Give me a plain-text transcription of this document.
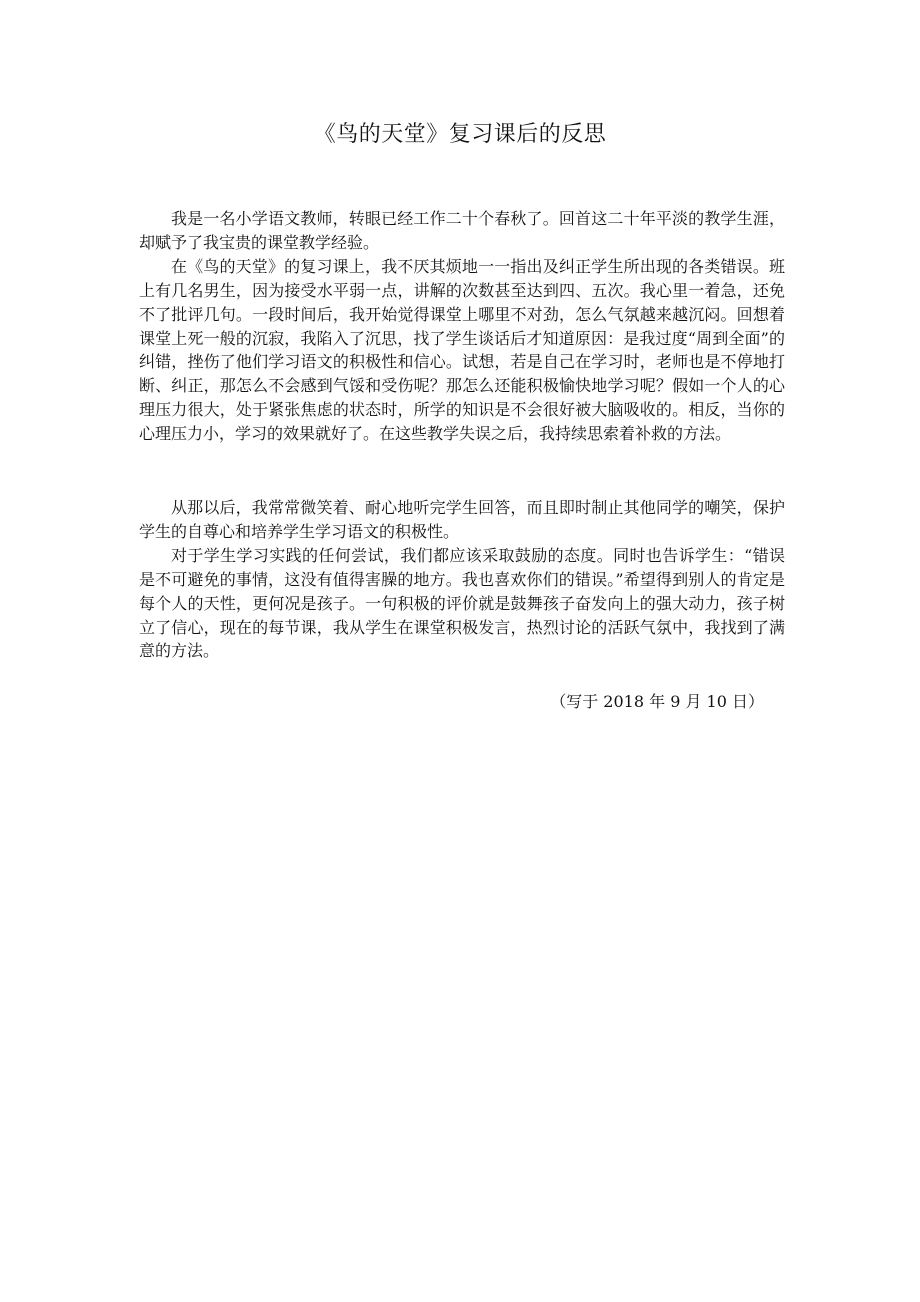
《鸟的天堂》复习课后的反思

我是一名小学语文教师，转眼已经工作二十个春秋了。回首这二十年平淡的教学生涯，却赋予了我宝贵的课堂教学经验。

在《鸟的天堂》的复习课上，我不厌其烦地一一指出及纠正学生所出现的各类错误。班上有几名男生，因为接受水平弱一点，讲解的次数甚至达到四、五次。我心里一着急，还免不了批评几句。一段时间后，我开始觉得课堂上哪里不对劲，怎么气氛越来越沉闷。回想着课堂上死一般的沉寂，我陷入了沉思，找了学生谈话后才知道原因：是我过度“周到全面”的纠错，挫伤了他们学习语文的积极性和信心。试想，若是自己在学习时，老师也是不停地打断、纠正，那怎么不会感到气馁和受伤呢？那怎么还能积极愉快地学习呢？假如一个人的心理压力很大，处于紧张焦虑的状态时，所学的知识是不会很好被大脑吸收的。相反，当你的心理压力小，学习的效果就好了。在这些教学失误之后，我持续思索着补救的方法。

从那以后，我常常微笑着、耐心地听完学生回答，而且即时制止其他同学的嘲笑，保护学生的自尊心和培养学生学习语文的积极性。

对于学生学习实践的任何尝试，我们都应该采取鼓励的态度。同时也告诉学生：“错误是不可避免的事情，这没有值得害臊的地方。我也喜欢你们的错误。”希望得到别人的肯定是每个人的天性，更何况是孩子。一句积极的评价就是鼓舞孩子奋发向上的强大动力，孩子树立了信心，现在的每节课，我从学生在课堂积极发言，热烈讨论的活跃气氛中，我找到了满意的方法。

（写于 2018 年 9 月 10 日）
